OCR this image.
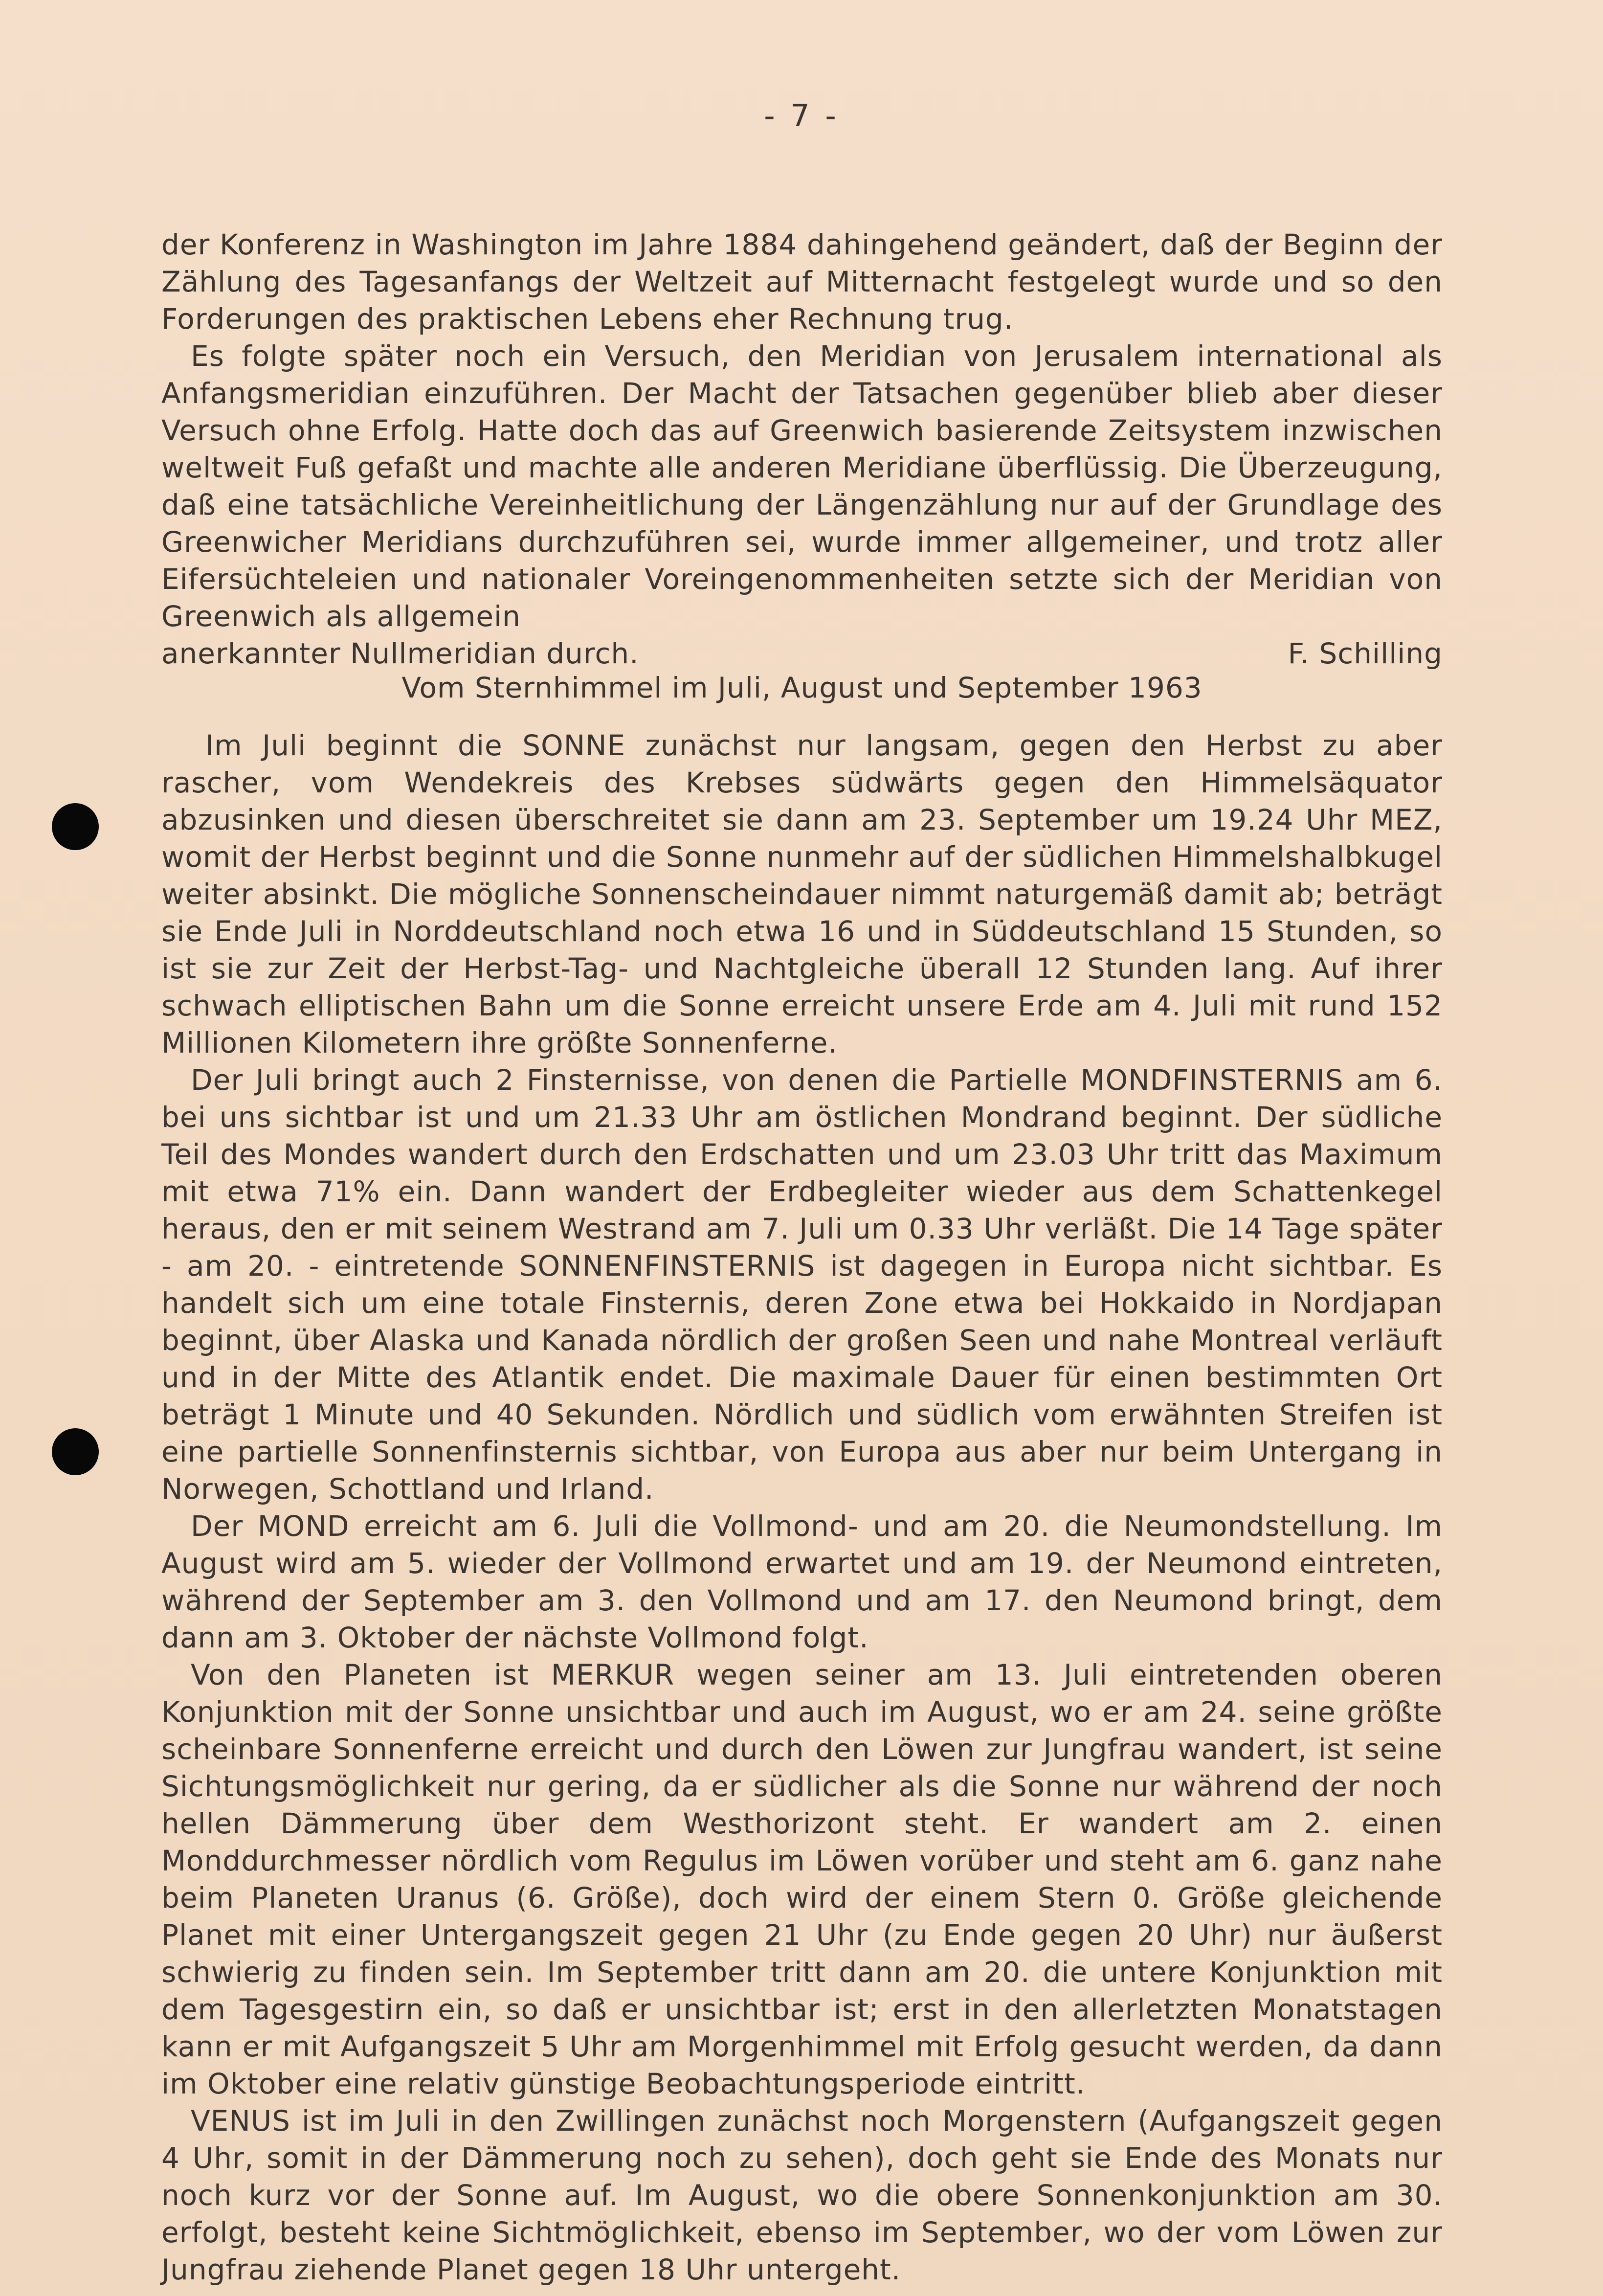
- 7 -

der Konferenz in Washington im Jahre 1884 dahingehend geändert, daß der Beginn der Zählung des Tagesanfangs der Weltzeit auf Mitternacht festgelegt wurde und so den Forderungen des praktischen Lebens eher Rechnung trug.

Es folgte später noch ein Versuch, den Meridian von Jerusalem international als Anfangsmeridian einzuführen. Der Macht der Tatsachen gegenüber blieb aber dieser Versuch ohne Erfolg. Hatte doch das auf Greenwich basierende Zeitsystem inzwischen weltweit Fuß gefaßt und machte alle anderen Meridiane überflüssig. Die Überzeugung, daß eine tatsächliche Vereinheitlichung der Längenzählung nur auf der Grundlage des Greenwicher Meridians durchzuführen sei, wurde immer allgemeiner, und trotz aller Eifersüchteleien und nationaler Voreingenommenheiten setzte sich der Meridian von Greenwich als allgemein

anerkannter Nullmeridian durch.	F. Schilling
Vom Sternhimmel im Juli, August und September 1963

Im Juli beginnt die SONNE zunächst nur langsam, gegen den Herbst zu aber rascher, vom Wendekreis des Krebses südwärts gegen den Himmelsäquator abzusinken und diesen überschreitet sie dann am 23. September um 19.24 Uhr MEZ, womit der Herbst beginnt und die Sonne nunmehr auf der südlichen Himmelshalbkugel weiter absinkt. Die mögliche Sonnenscheindauer nimmt naturgemäß damit ab; beträgt sie Ende Juli in Norddeutschland noch etwa 16 und in Süddeutschland 15 Stunden, so ist sie zur Zeit der Herbst-Tag- und Nachtgleiche überall 12 Stunden lang. Auf ihrer schwach elliptischen Bahn um die Sonne erreicht unsere Erde am 4. Juli mit rund 152 Millionen Kilometern ihre größte Sonnenferne.

Der Juli bringt auch 2 Finsternisse, von denen die Partielle MONDFINSTERNIS am 6. bei uns sichtbar ist und um 21.33 Uhr am östlichen Mondrand beginnt. Der südliche Teil des Mondes wandert durch den Erdschatten und um 23.03 Uhr tritt das Maximum mit etwa 71% ein. Dann wandert der Erdbegleiter wieder aus dem Schattenkegel heraus, den er mit seinem Westrand am 7. Juli um 0.33 Uhr verläßt. Die 14 Tage später - am 20. - eintretende SONNENFINSTERNIS ist dagegen in Europa nicht sichtbar. Es handelt sich um eine totale Finsternis, deren Zone etwa bei Hokkaido in Nordjapan beginnt, über Alaska und Kanada nördlich der großen Seen und nahe Montreal verläuft und in der Mitte des Atlantik endet. Die maximale Dauer für einen bestimmten Ort beträgt 1 Minute und 40 Sekunden. Nördlich und südlich vom erwähnten Streifen ist eine partielle Sonnenfinsternis sichtbar, von Europa aus aber nur beim Untergang in Norwegen, Schottland und Irland.

Der MOND erreicht am 6. Juli die Vollmond- und am 20. die Neumondstellung. Im August wird am 5. wieder der Vollmond erwartet und am 19. der Neumond eintreten, während der September am 3. den Vollmond und am 17. den Neumond bringt, dem dann am 3. Oktober der nächste Vollmond folgt.

Von den Planeten ist MERKUR wegen seiner am 13. Juli eintretenden oberen Konjunktion mit der Sonne unsichtbar und auch im August, wo er am 24. seine größte scheinbare Sonnenferne erreicht und durch den Löwen zur Jungfrau wandert, ist seine Sichtungsmöglichkeit nur gering, da er südlicher als die Sonne nur während der noch hellen Dämmerung über dem Westhorizont steht. Er wandert am 2. einen Monddurchmesser nördlich vom Regulus im Löwen vorüber und steht am 6. ganz nahe beim Planeten Uranus (6. Größe), doch wird der einem Stern 0. Größe gleichende Planet mit einer Untergangszeit gegen 21 Uhr (zu Ende gegen 20 Uhr) nur äußerst schwierig zu finden sein. Im September tritt dann am 20. die untere Konjunktion mit dem Tagesgestirn ein, so daß er unsichtbar ist; erst in den allerletzten Monatstagen kann er mit Aufgangszeit 5 Uhr am Morgenhimmel mit Erfolg gesucht werden, da dann im Oktober eine relativ günstige Beobachtungsperiode eintritt.

VENUS ist im Juli in den Zwillingen zunächst noch Morgenstern (Aufgangszeit gegen 4 Uhr, somit in der Dämmerung noch zu sehen), doch geht sie Ende des Monats nur noch kurz vor der Sonne auf. Im August, wo die obere Sonnenkonjunktion am 30. erfolgt, besteht keine Sichtmöglichkeit, ebenso im September, wo der vom Löwen zur Jungfrau ziehende Planet gegen 18 Uhr untergeht.
